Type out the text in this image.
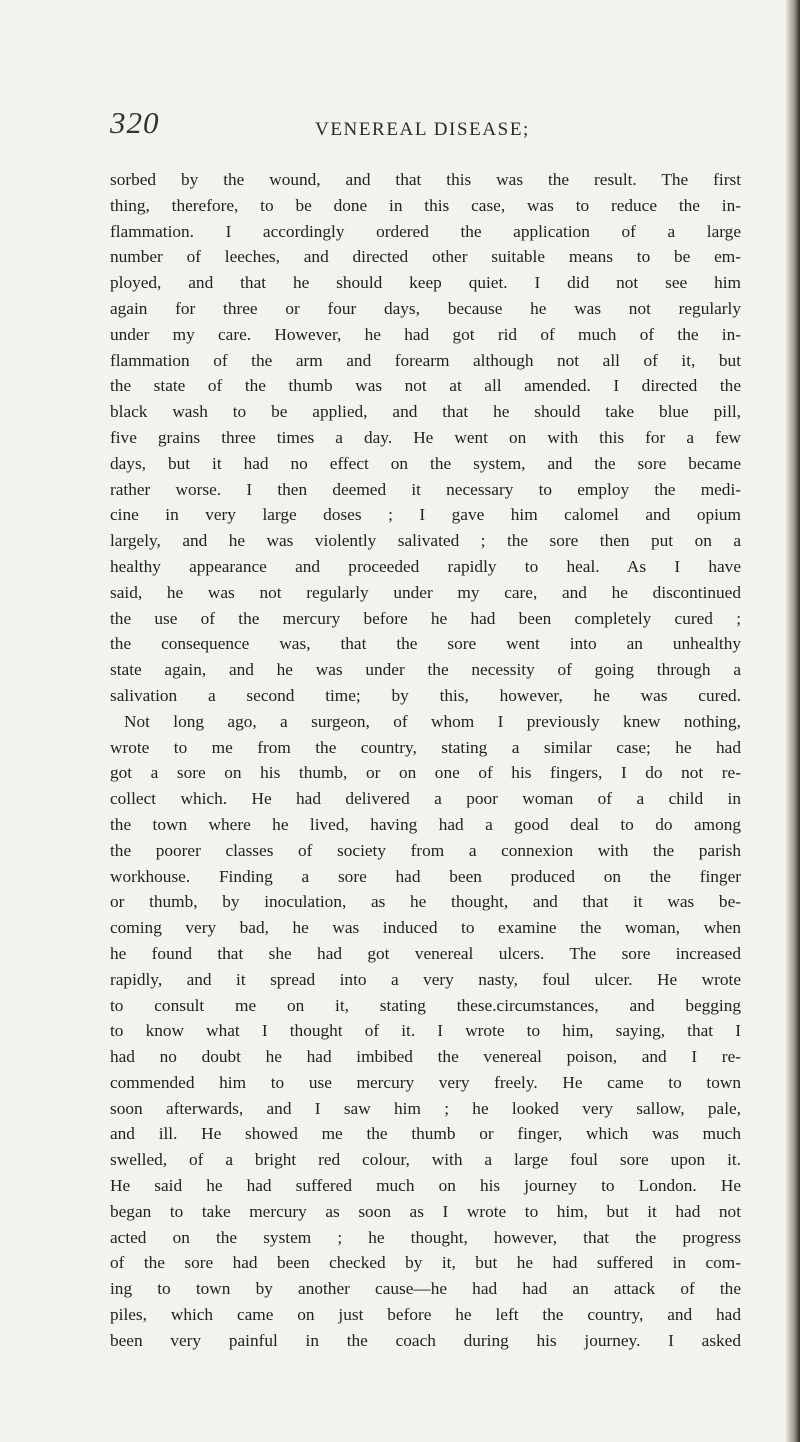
320	VENEREAL DISEASE;
sorbed by the wound, and that this was the result. The first
thing, therefore, to be done in this case, was to reduce the in-
flammation. I accordingly ordered the application of a large
number of leeches, and directed other suitable means to be em-
ployed, and that he should keep quiet. I did not see him
again for three or four days, because he was not regularly
under my care. However, he had got rid of much of the in-
flammation of the arm and forearm although not all of it, but
the state of the thumb was not at all amended. I directed the
black wash to be applied, and that he should take blue pill,
five grains three times a day. He went on with this for a few
days, but it had no effect on the system, and the sore became
rather worse. I then deemed it necessary to employ the medi-
cine in very large doses ; I gave him calomel and opium
largely, and he was violently salivated ; the sore then put on a
healthy appearance and proceeded rapidly to heal. As I have
said, he was not regularly under my care, and he discontinued
the use of the mercury before he had been completely cured ;
the consequence was, that the sore went into an unhealthy
state again, and he was under the necessity of going through a
salivation a second time; by this, however, he was cured.
Not long ago, a surgeon, of whom I previously knew nothing,
wrote to me from the country, stating a similar case; he had
got a sore on his thumb, or on one of his fingers, I do not re-
collect which. He had delivered a poor woman of a child in
the town where he lived, having had a good deal to do among
the poorer classes of society from a connexion with the parish
workhouse. Finding a sore had been produced on the finger
or thumb, by inoculation, as he thought, and that it was be-
coming very bad, he was induced to examine the woman, when
he found that she had got venereal ulcers. The sore increased
rapidly, and it spread into a very nasty, foul ulcer. He wrote
to consult me on it, stating these.circumstances, and begging
to know what I thought of it. I wrote to him, saying, that I
had no doubt he had imbibed the venereal poison, and I re-
commended him to use mercury very freely. He came to town
soon afterwards, and I saw him ; he looked very sallow, pale,
and ill. He showed me the thumb or finger, which was much
swelled, of a bright red colour, with a large foul sore upon it.
He said he had suffered much on his journey to London. He
began to take mercury as soon as I wrote to him, but it had not
acted on the system ; he thought, however, that the progress
of the sore had been checked by it, but he had suffered in com-
ing to town by another cause—he had had an attack of the
piles, which came on just before he left the country, and had
been very painful in the coach during his journey. I asked
